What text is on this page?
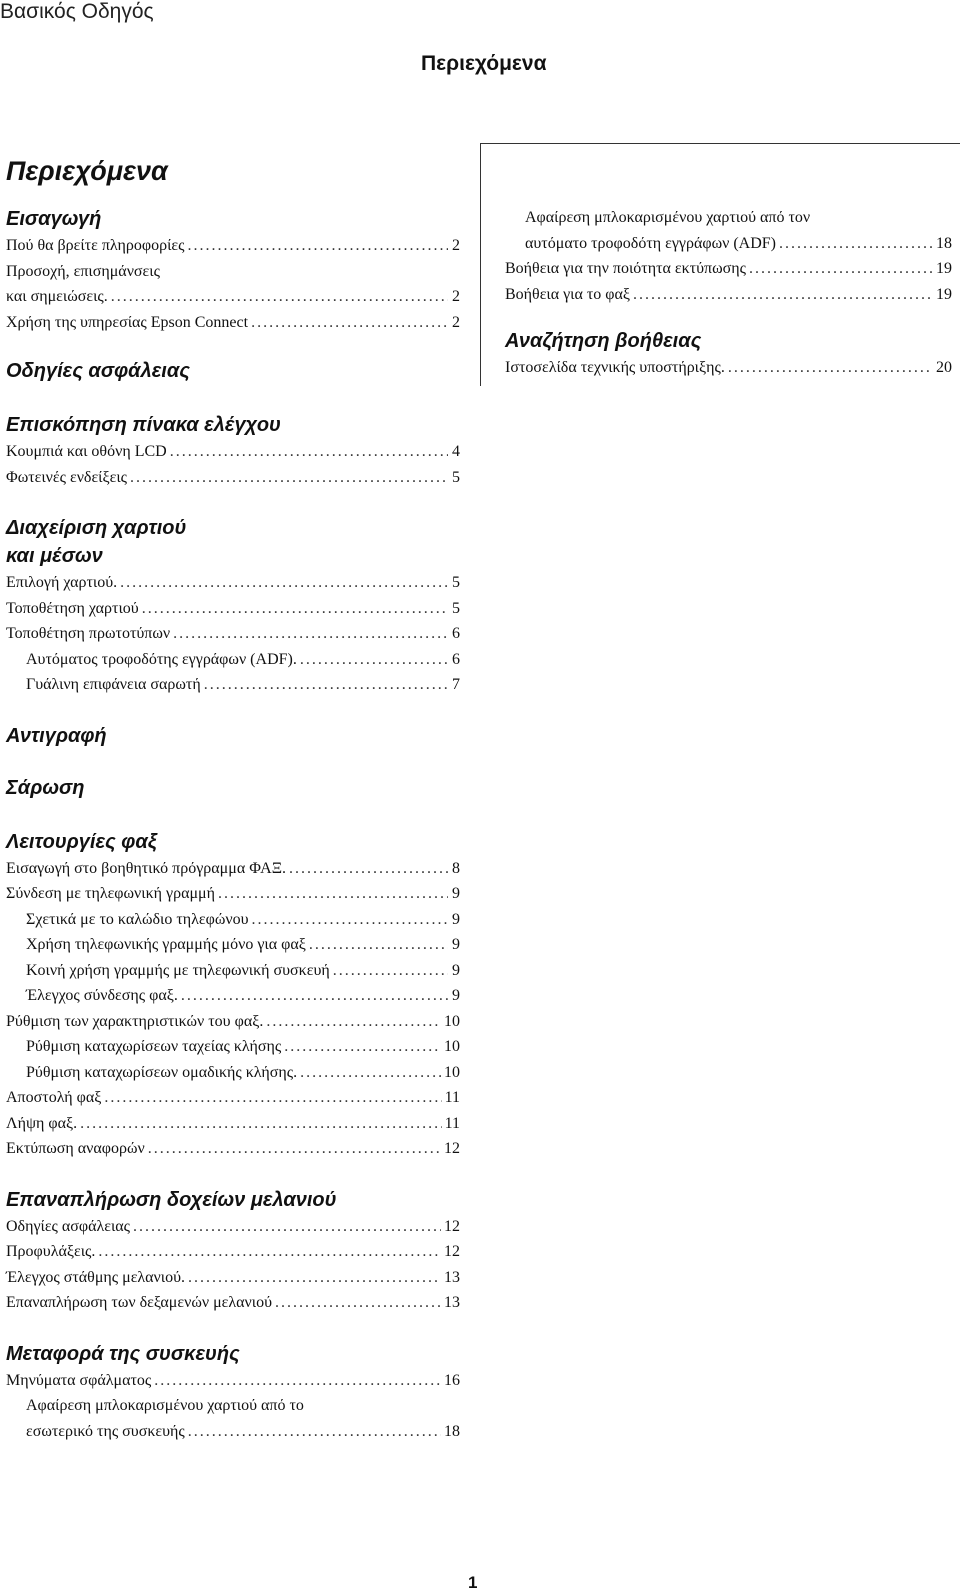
Βασικός Οδηγός
Περιεχόμενα
Περιεχόμενα
Εισαγωγή
Πού θα βρείτε πληροφορίες .....	2
Προσοχή, επισημάνσεις
και σημειώσεις. .....	2
Χρήση της υπηρεσίας Epson Connect .....	2
Οδηγίες ασφάλειας
Επισκόπηση πίνακα ελέγχου
Κουμπιά και οθόνη LCD .....	4
Φωτεινές ενδείξεις .....	5
Διαχείριση χαρτιού
και μέσων
Επιλογή χαρτιού. .....	5
Τοποθέτηση χαρτιού .....	5
Τοποθέτηση πρωτοτύπων .....	6
Αυτόματος τροφοδότης εγγράφων (ADF). .....	6
Γυάλινη επιφάνεια σαρωτή .....	7
Αντιγραφή
Σάρωση
Λειτουργίες φαξ
Εισαγωγή στο βοηθητικό πρόγραμμα ΦΑΞ. .....	8
Σύνδεση με τηλεφωνική γραμμή .....	9
Σχετικά με το καλώδιο τηλεφώνου .....	9
Χρήση τηλεφωνικής γραμμής μόνο για φαξ .....	9
Κοινή χρήση γραμμής με τηλεφωνική συσκευή .....	9
Έλεγχος σύνδεσης φαξ. .....	9
Ρύθμιση των χαρακτηριστικών του φαξ. .....	10
Ρύθμιση καταχωρίσεων ταχείας κλήσης .....	10
Ρύθμιση καταχωρίσεων ομαδικής κλήσης. .....	10
Αποστολή φαξ .....	11
Λήψη φαξ. .....	11
Εκτύπωση αναφορών .....	12
Επαναπλήρωση δοχείων μελανιού
Οδηγίες ασφάλειας .....	12
Προφυλάξεις. .....	12
Έλεγχος στάθμης μελανιού. .....	13
Επαναπλήρωση των δεξαμενών μελανιού .....	13
Μεταφορά της συσκευής
Μηνύματα σφάλματος .....	16
Αφαίρεση μπλοκαρισμένου χαρτιού από το
εσωτερικό της συσκευής .....	18
Αφαίρεση μπλοκαρισμένου χαρτιού από τον
αυτόματο τροφοδότη εγγράφων (ADF) .....	18
Βοήθεια για την ποιότητα εκτύπωσης .....	19
Βοήθεια για το φαξ .....	19
Αναζήτηση βοήθειας
Ιστοσελίδα τεχνικής υποστήριξης. .....	20
1
